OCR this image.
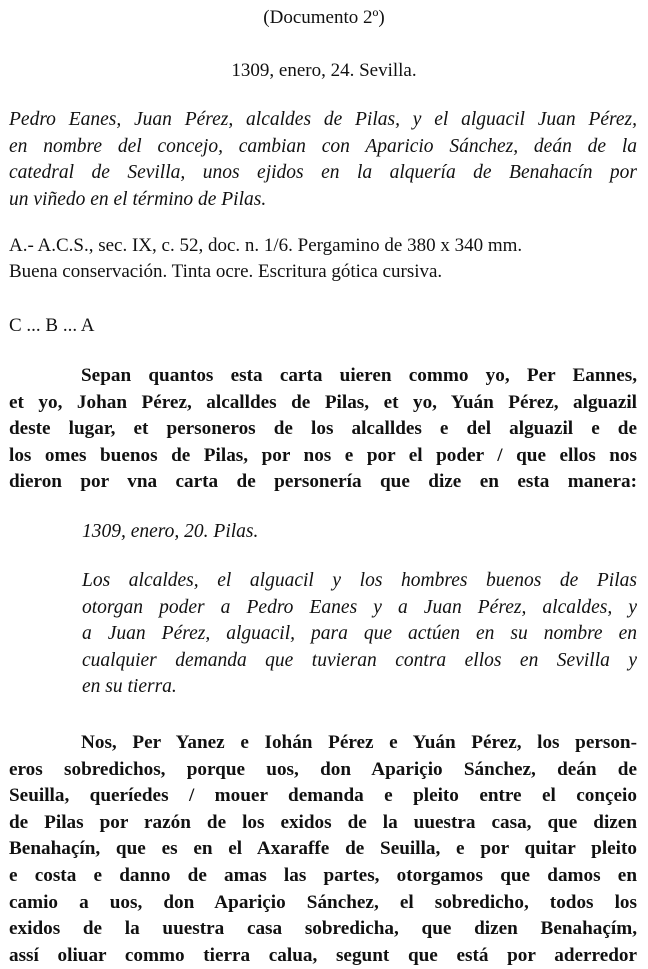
(Documento 2º)
1309, enero, 24. Sevilla.
Pedro Eanes, Juan Pérez, alcaldes de Pilas, y el alguacil Juan Pérez,
en nombre del concejo, cambian con Aparicio Sánchez, deán de la
catedral de Sevilla, unos ejidos en la alquería de Benahacín por
un viñedo en el término de Pilas.
A.- A.C.S., sec. IX, c. 52, doc. n. 1/6. Pergamino de 380 x 340 mm.
Buena conservación. Tinta ocre. Escritura gótica cursiva.
C ... B ... A
Sepan quantos esta carta uieren commo yo, Per Eannes,
et yo, Johan Pérez, alcalldes de Pilas, et yo, Yuán Pérez, alguazil
deste lugar, et personeros de los alcalldes e del alguazil e de
los omes buenos de Pilas, por nos e por el poder / que ellos nos
dieron por vna carta de personería que dize en esta manera:
1309, enero, 20. Pilas.
Los alcaldes, el alguacil y los hombres buenos de Pilas
otorgan poder a Pedro Eanes y a Juan Pérez, alcaldes, y
a Juan Pérez, alguacil, para que actúen en su nombre en
cualquier demanda que tuvieran contra ellos en Sevilla y
en su tierra.
Nos, Per Yanez e Iohán Pérez e Yuán Pérez, los person-
eros sobredichos, porque uos, don Apariçio Sánchez, deán de
Seuilla, queríedes / mouer demanda e pleito entre el conçeio
de Pilas por razón de los exidos de la uuestra casa, que dizen
Benahaçín, que es en el Axaraffe de Seuilla, e por quitar pleito
e costa e danno de amas las partes, otorgamos que damos en
camio a uos, don Apariçio Sánchez, el sobredicho, todos los
exidos de la uuestra casa sobredicha, que dizen Benahaçím,
assí oliuar commo tierra calua, segunt que está por aderredor
